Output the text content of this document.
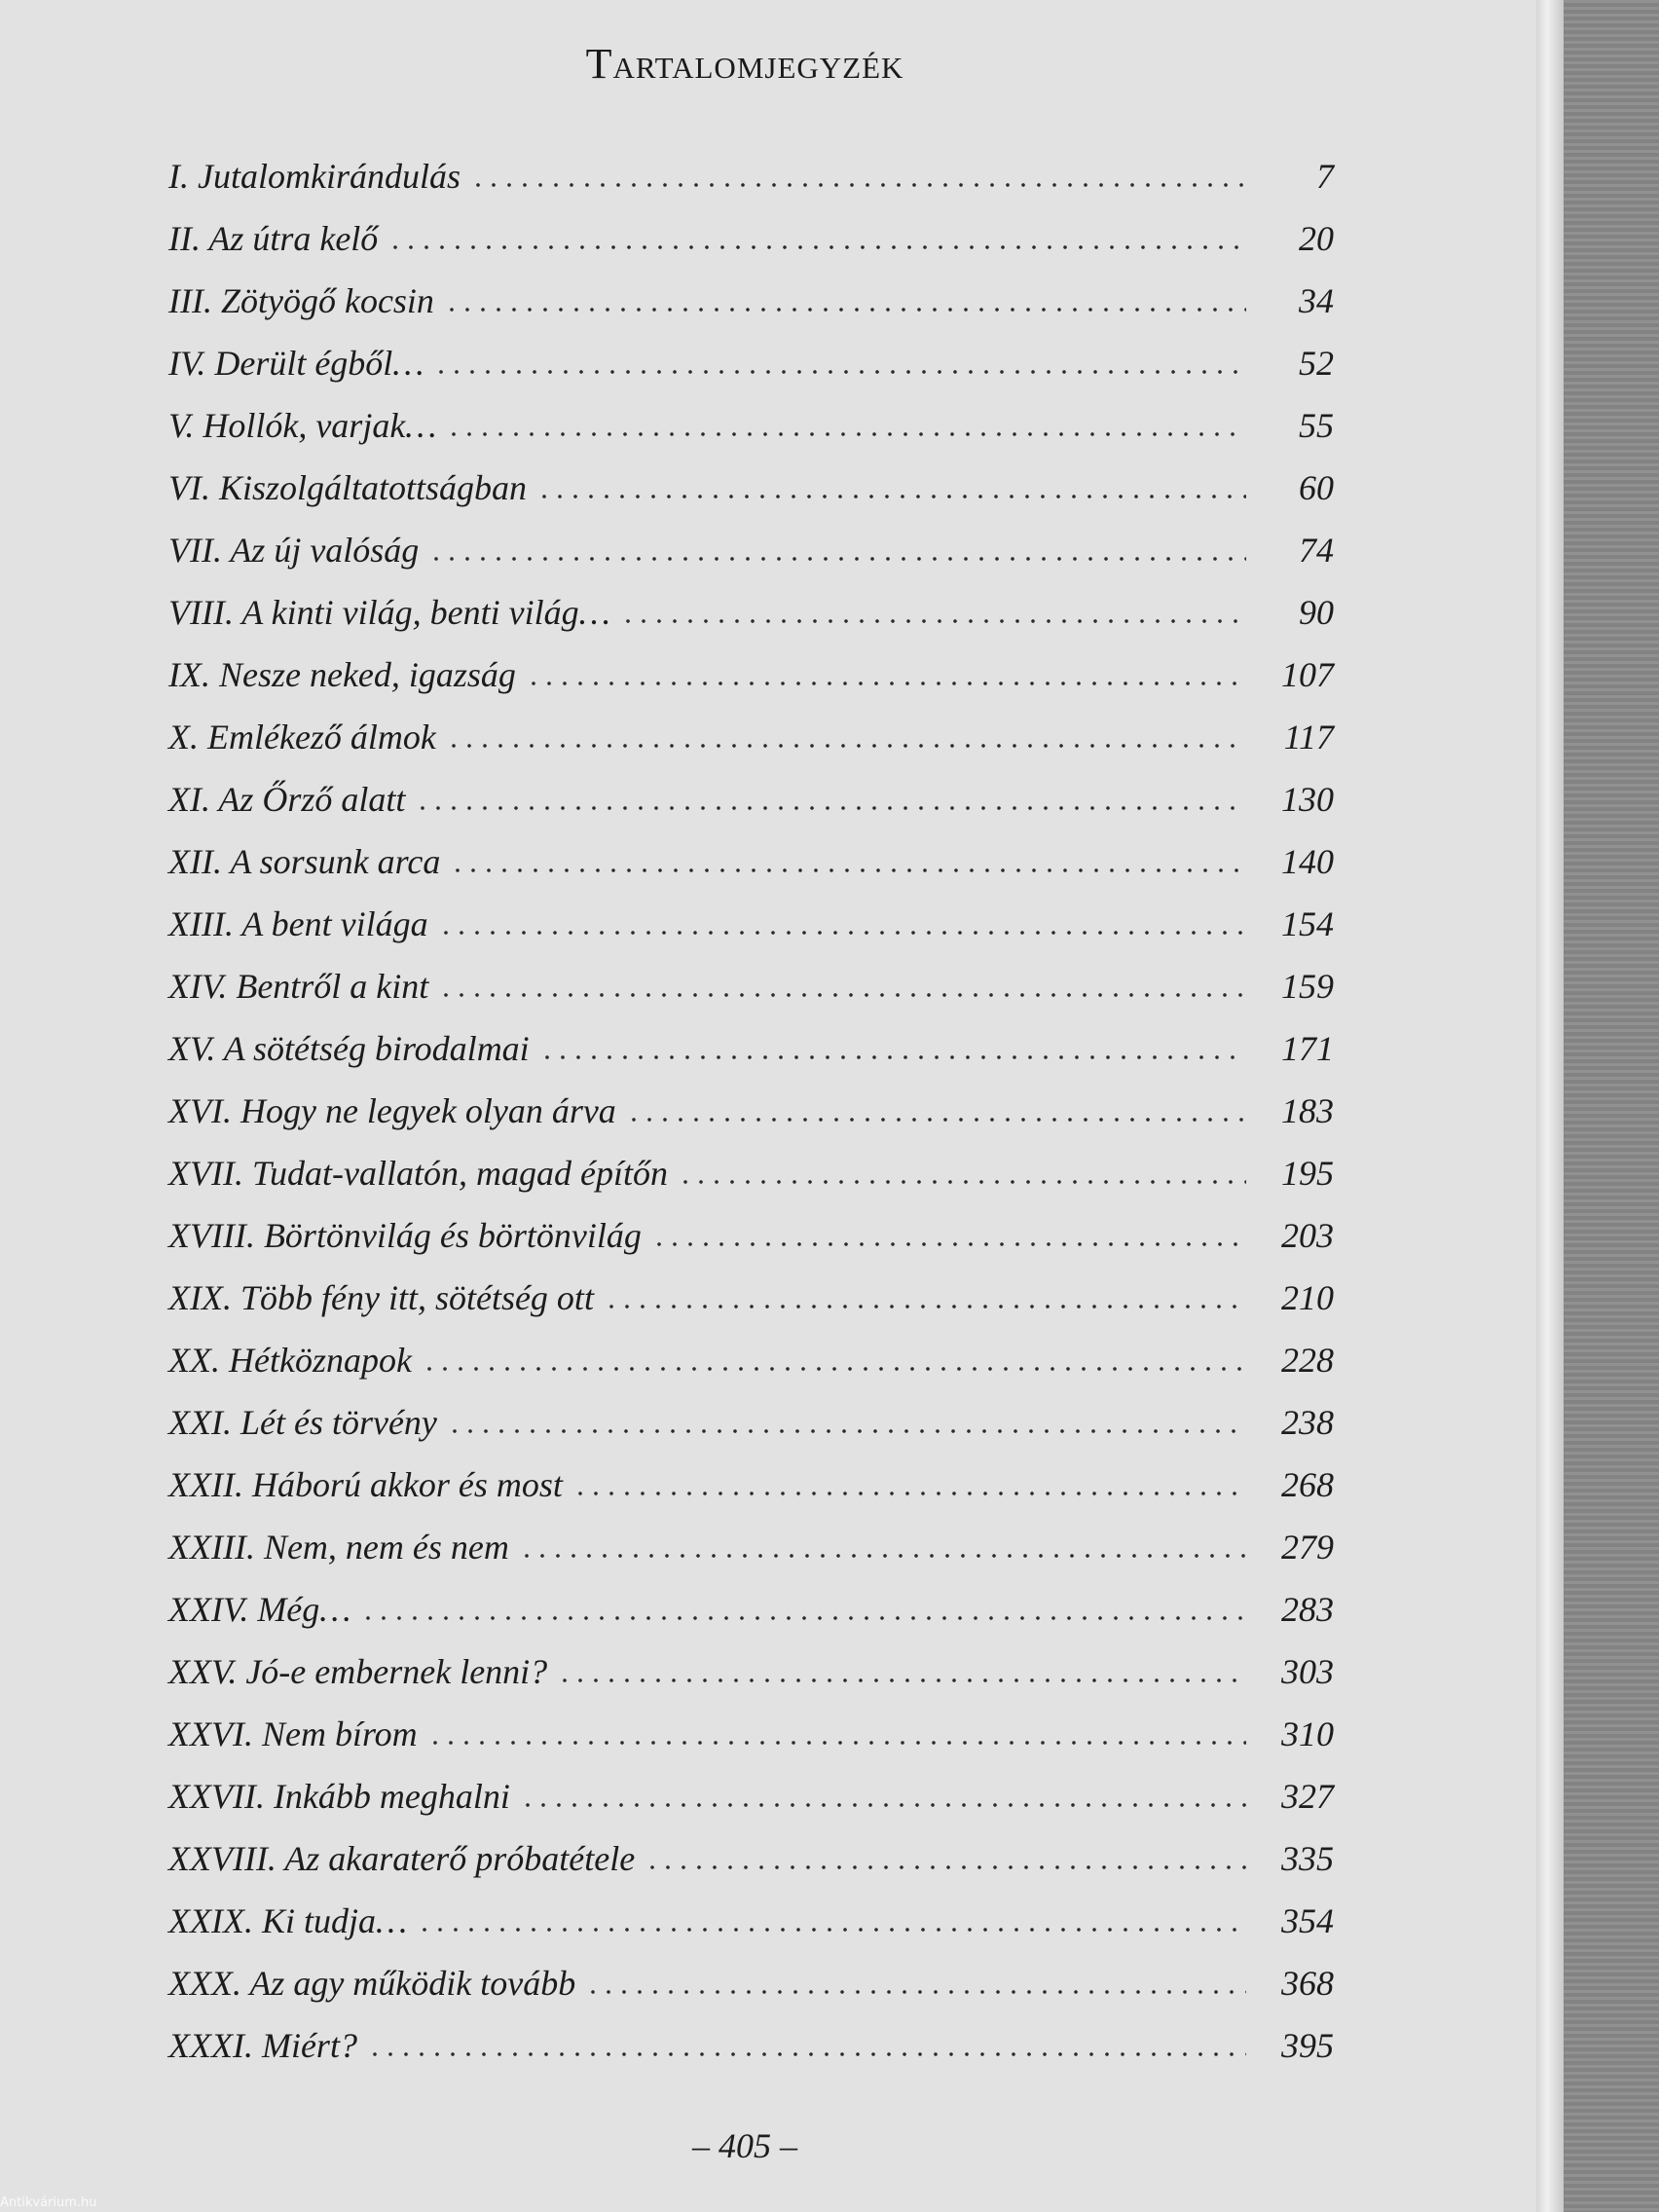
Tartalomjegyzék
I. Jutalomkirándulás	7
II. Az útra kelő	20
III. Zötyögő kocsin	34
IV. Derült égből…	52
V. Hollók, varjak…	55
VI. Kiszolgáltatottságban	60
VII. Az új valóság	74
VIII. A kinti világ, benti világ…	90
IX. Nesze neked, igazság	107
X. Emlékező álmok	117
XI. Az Őrző alatt	130
XII. A sorsunk arca	140
XIII. A bent világa	154
XIV. Bentről a kint	159
XV. A sötétség birodalmai	171
XVI. Hogy ne legyek olyan árva	183
XVII. Tudat-vallatón, magad építőn	195
XVIII. Börtönvilág és börtönvilág	203
XIX. Több fény itt, sötétség ott	210
XX. Hétköznapok	228
XXI. Lét és törvény	238
XXII. Háború akkor és most	268
XXIII. Nem, nem és nem	279
XXIV. Még…	283
XXV. Jó-e embernek lenni?	303
XXVI. Nem bírom	310
XXVII. Inkább meghalni	327
XXVIII. Az akaraterő próbatétele	335
XXIX. Ki tudja…	354
XXX. Az agy működik tovább	368
XXXI. Miért?	395
– 405 –
Antikvárium.hu
